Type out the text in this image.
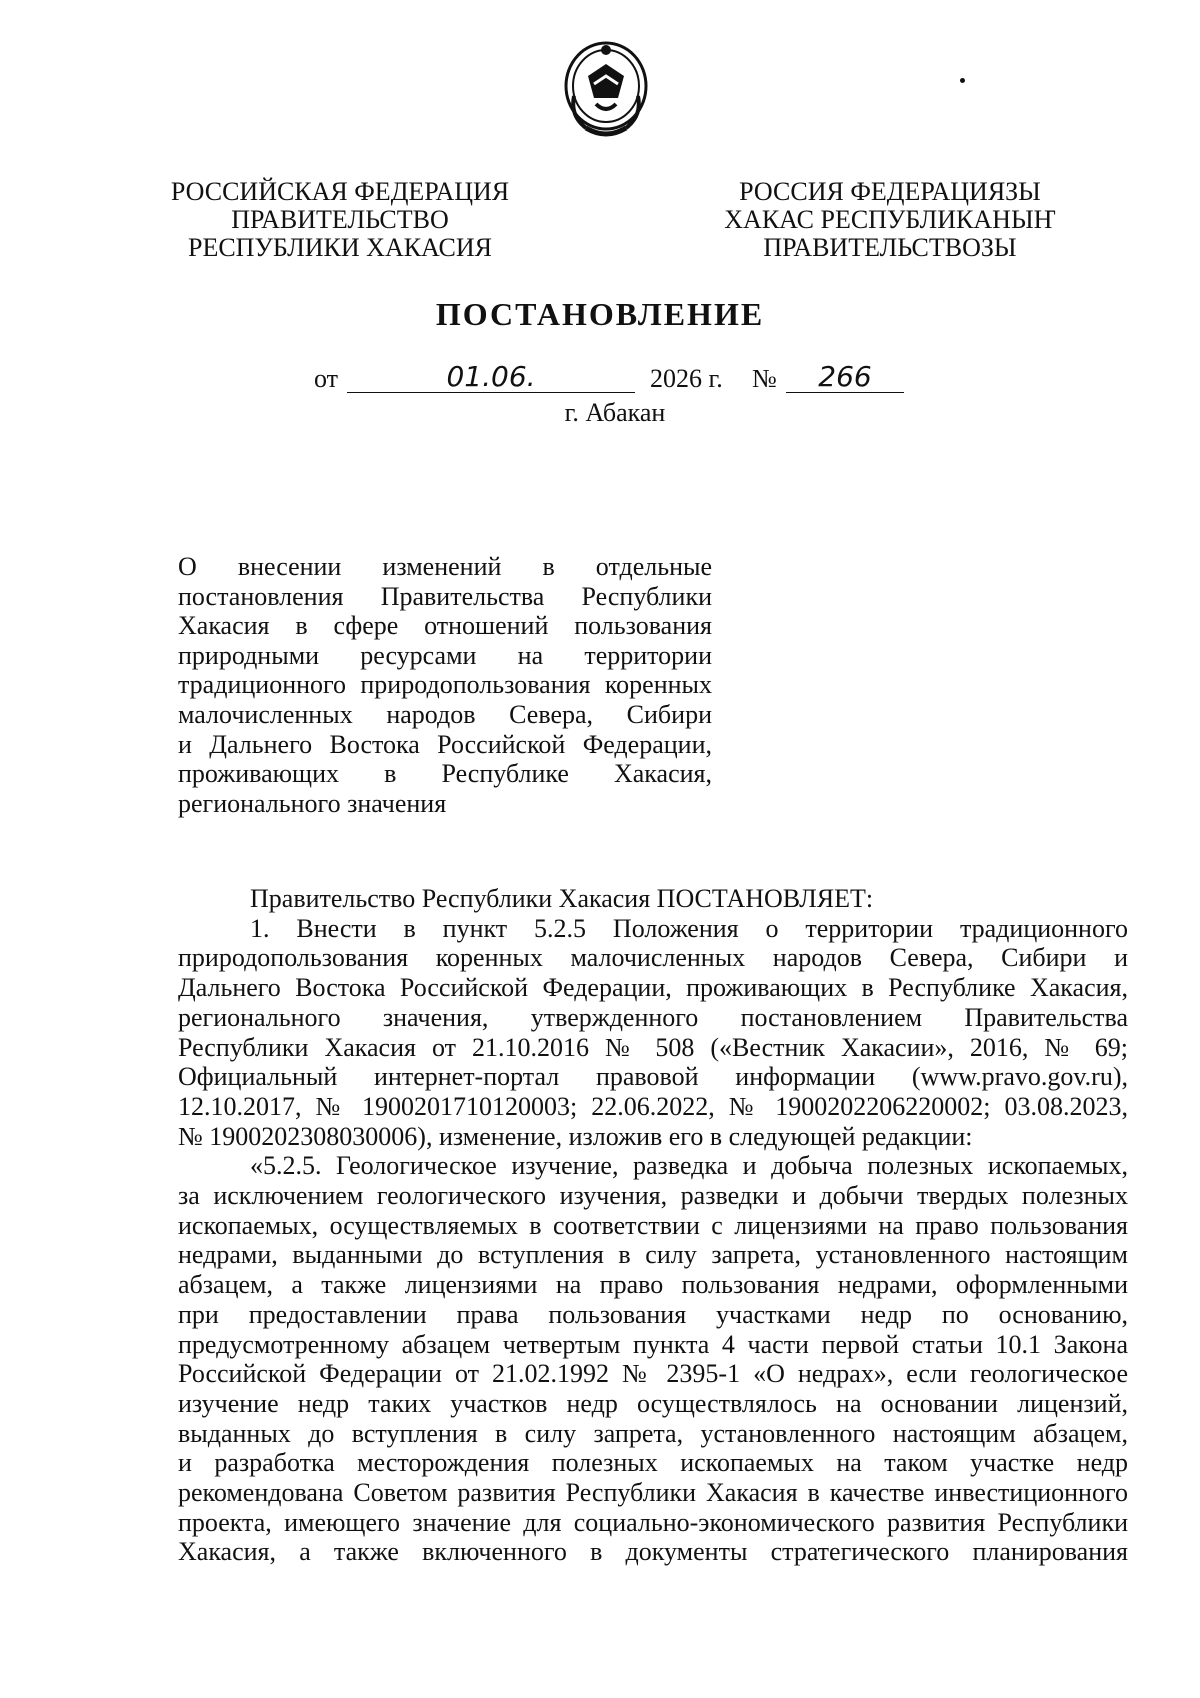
РОССИЙСКАЯ ФЕДЕРАЦИЯ
ПРАВИТЕЛЬСТВО
РЕСПУБЛИКИ ХАКАСИЯ
РОССИЯ ФЕДЕРАЦИЯЗЫ
ХАКАС РЕСПУБЛИКАНЫҤ
ПРАВИТЕЛЬСТВОЗЫ
ПОСТАНОВЛЕНИЕ
от	01.06.	2026 г. №	266
г. Абакан
О внесении изменений в отдельные
постановления Правительства Республики
Хакасия в сфере отношений пользования
природными ресурсами на территории
традиционного природопользования коренных
малочисленных народов Севера, Сибири
и Дальнего Востока Российской Федерации,
проживающих в Республике Хакасия,
регионального значения
Правительство Республики Хакасия ПОСТАНОВЛЯЕТ:
1. Внести в пункт 5.2.5 Положения о территории традиционного
природопользования коренных малочисленных народов Севера, Сибири и
Дальнего Востока Российской Федерации, проживающих в Республике Хакасия,
регионального значения, утвержденного постановлением Правительства
Республики Хакасия от 21.10.2016 № 508 («Вестник Хакасии», 2016, № 69;
Официальный интернет-портал правовой информации (www.pravo.gov.ru),
12.10.2017, № 1900201710120003; 22.06.2022, № 1900202206220002; 03.08.2023,
№ 1900202308030006), изменение, изложив его в следующей редакции:
«5.2.5. Геологическое изучение, разведка и добыча полезных ископаемых,
за исключением геологического изучения, разведки и добычи твердых полезных
ископаемых, осуществляемых в соответствии с лицензиями на право пользования
недрами, выданными до вступления в силу запрета, установленного настоящим
абзацем, а также лицензиями на право пользования недрами, оформленными
при предоставлении права пользования участками недр по основанию,
предусмотренному абзацем четвертым пункта 4 части первой статьи 10.1 Закона
Российской Федерации от 21.02.1992 № 2395-1 «О недрах», если геологическое
изучение недр таких участков недр осуществлялось на основании лицензий,
выданных до вступления в силу запрета, установленного настоящим абзацем,
и разработка месторождения полезных ископаемых на таком участке недр
рекомендована Советом развития Республики Хакасия в качестве инвестиционного
проекта, имеющего значение для социально-экономического развития Республики
Хакасия, а также включенного в документы стратегического планирования
